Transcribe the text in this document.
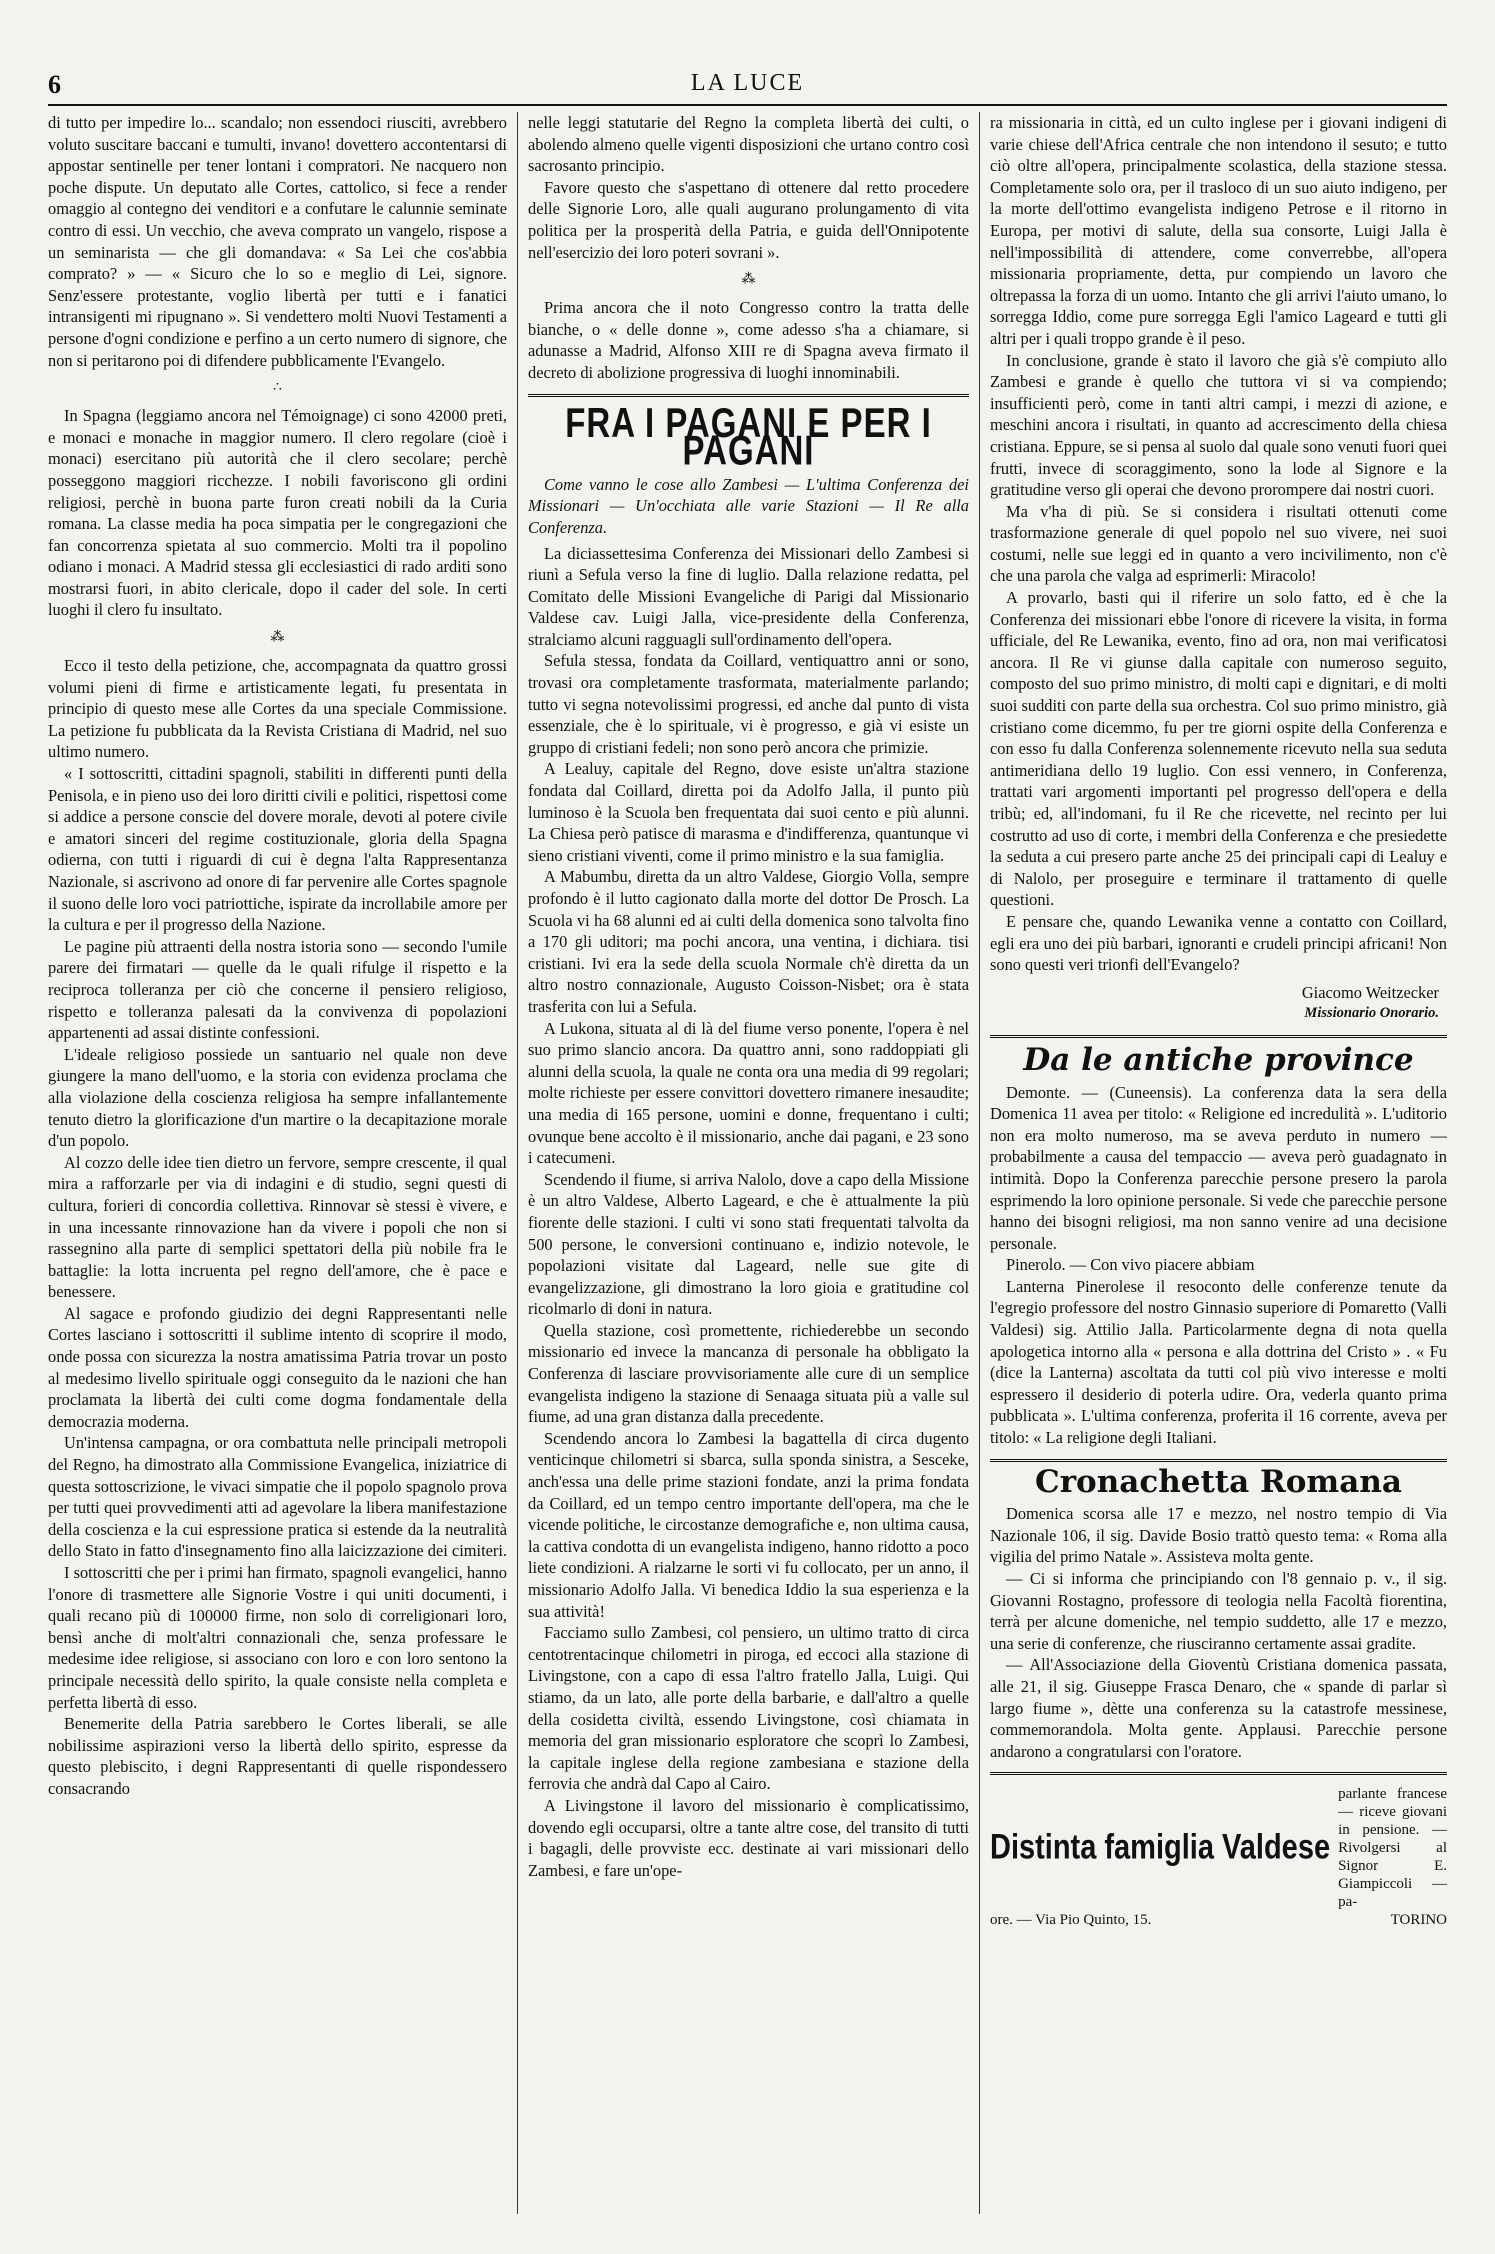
6	LA LUCE

di tutto per impedire lo... scandalo; non essendoci riusciti, avrebbero voluto suscitare baccani e tumulti, invano! dovettero accontentarsi di appostar sentinelle per tener lontani i compratori. Ne nacquero non poche dispute. Un deputato alle Cortes, cattolico, si fece a render omaggio al contegno dei venditori e a confutare le calunnie seminate contro di essi. Un vecchio, che aveva comprato un vangelo, rispose a un seminarista — che gli domandava: « Sa Lei che cos'abbia comprato? » — « Sicuro che lo so e meglio di Lei, signore. Senz'essere protestante, voglio libertà per tutti e i fanatici intransigenti mi ripugnano ». Si vendettero molti Nuovi Testamenti a persone d'ogni condizione e perfino a un certo numero di signore, che non si peritarono poi di difendere pubblicamente l'Evangelo.

∴

In Spagna (leggiamo ancora nel Témoignage) ci sono 42000 preti, e monaci e monache in maggior numero. Il clero regolare (cioè i monaci) esercitano più autorità che il clero secolare; perchè posseggono maggiori ricchezze. I nobili favoriscono gli ordini religiosi, perchè in buona parte furon creati nobili da la Curia romana. La classe media ha poca simpatia per le congregazioni che fan concorrenza spietata al suo commercio. Molti tra il popolino odiano i monaci. A Madrid stessa gli ecclesiastici di rado arditi sono mostrarsi fuori, in abito clericale, dopo il cader del sole. In certi luoghi il clero fu insultato.

⁂

Ecco il testo della petizione, che, accompagnata da quattro grossi volumi pieni di firme e artisticamente legati, fu presentata in principio di questo mese alle Cortes da una speciale Commissione. La petizione fu pubblicata da la Revista Cristiana di Madrid, nel suo ultimo numero.

« I sottoscritti, cittadini spagnoli, stabiliti in differenti punti della Penisola, e in pieno uso dei loro diritti civili e politici, rispettosi come si addice a persone conscie del dovere morale, devoti al potere civile e amatori sinceri del regime costituzionale, gloria della Spagna odierna, con tutti i riguardi di cui è degna l'alta Rappresentanza Nazionale, si ascrivono ad onore di far pervenire alle Cortes spagnole il suono delle loro voci patriottiche, ispirate da incrollabile amore per la cultura e per il progresso della Nazione.

Le pagine più attraenti della nostra istoria sono — secondo l'umile parere dei firmatari — quelle da le quali rifulge il rispetto e la reciproca tolleranza per ciò che concerne il pensiero religioso, rispetto e tolleranza palesati da la convivenza di popolazioni appartenenti ad assai distinte confessioni.

L'ideale religioso possiede un santuario nel quale non deve giungere la mano dell'uomo, e la storia con evidenza proclama che alla violazione della coscienza religiosa ha sempre infallantemente tenuto dietro la glorificazione d'un martire o la decapitazione morale d'un popolo.

Al cozzo delle idee tien dietro un fervore, sempre crescente, il qual mira a rafforzarle per via di indagini e di studio, segni questi di cultura, forieri di concordia collettiva. Rinnovar sè stessi è vivere, e in una incessante rinnovazione han da vivere i popoli che non si rassegnino alla parte di semplici spettatori della più nobile fra le battaglie: la lotta incruenta pel regno dell'amore, che è pace e benessere.

Al sagace e profondo giudizio dei degni Rappresentanti nelle Cortes lasciano i sottoscritti il sublime intento di scoprire il modo, onde possa con sicurezza la nostra amatissima Patria trovar un posto al medesimo livello spirituale oggi conseguito da le nazioni che han proclamata la libertà dei culti come dogma fondamentale della democrazia moderna.

Un'intensa campagna, or ora combattuta nelle principali metropoli del Regno, ha dimostrato alla Commissione Evangelica, iniziatrice di questa sottoscrizione, le vivaci simpatie che il popolo spagnolo prova per tutti quei provvedimenti atti ad agevolare la libera manifestazione della coscienza e la cui espressione pratica si estende da la neutralità dello Stato in fatto d'insegnamento fino alla laicizzazione dei cimiteri.

I sottoscritti che per i primi han firmato, spagnoli evangelici, hanno l'onore di trasmettere alle Signorie Vostre i qui uniti documenti, i quali recano più di 100000 firme, non solo di correligionari loro, bensì anche di molt'altri connazionali che, senza professare le medesime idee religiose, si associano con loro e con loro sentono la principale necessità dello spirito, la quale consiste nella completa e perfetta libertà di esso.

Benemerite della Patria sarebbero le Cortes liberali, se alle nobilissime aspirazioni verso la libertà dello spirito, espresse da questo plebiscito, i degni Rappresentanti di quelle rispondessero consacrando

nelle leggi statutarie del Regno la completa libertà dei culti, o abolendo almeno quelle vigenti disposizioni che urtano contro così sacrosanto principio.

Favore questo che s'aspettano di ottenere dal retto procedere delle Signorie Loro, alle quali augurano prolungamento di vita politica per la prosperità della Patria, e guida dell'Onnipotente nell'esercizio dei loro poteri sovrani ».

⁂

Prima ancora che il noto Congresso contro la tratta delle bianche, o « delle donne », come adesso s'ha a chiamare, si adunasse a Madrid, Alfonso XIII re di Spagna aveva firmato il decreto di abolizione progressiva di luoghi innominabili.

FRA I PAGANI E PER I PAGANI

Come vanno le cose allo Zambesi — L'ultima Conferenza dei Missionari — Un'occhiata alle varie Stazioni — Il Re alla Conferenza.

La diciassettesima Conferenza dei Missionari dello Zambesi si riunì a Sefula verso la fine di luglio. Dalla relazione redatta, pel Comitato delle Missioni Evangeliche di Parigi dal Missionario Valdese cav. Luigi Jalla, vice-presidente della Conferenza, stralciamo alcuni ragguagli sull'ordinamento dell'opera.

Sefula stessa, fondata da Coillard, ventiquattro anni or sono, trovasi ora completamente trasformata, materialmente parlando; tutto vi segna notevolissimi progressi, ed anche dal punto di vista essenziale, che è lo spirituale, vi è progresso, e già vi esiste un gruppo di cristiani fedeli; non sono però ancora che primizie.

A Lealuy, capitale del Regno, dove esiste un'altra stazione fondata dal Coillard, diretta poi da Adolfo Jalla, il punto più luminoso è la Scuola ben frequentata dai suoi cento e più alunni. La Chiesa però patisce di marasma e d'indifferenza, quantunque vi sieno cristiani viventi, come il primo ministro e la sua famiglia.

A Mabumbu, diretta da un altro Valdese, Giorgio Volla, sempre profondo è il lutto cagionato dalla morte del dottor De Prosch. La Scuola vi ha 68 alunni ed ai culti della domenica sono talvolta fino a 170 gli uditori; ma pochi ancora, una ventina, i dichiara. tisi cristiani. Ivi era la sede della scuola Normale ch'è diretta da un altro nostro connazionale, Augusto Coisson-Nisbet; ora è stata trasferita con lui a Sefula.

A Lukona, situata al di là del fiume verso ponente, l'opera è nel suo primo slancio ancora. Da quattro anni, sono raddoppiati gli alunni della scuola, la quale ne conta ora una media di 99 regolari; molte richieste per essere convittori dovettero rimanere inesaudite; una media di 165 persone, uomini e donne, frequentano i culti; ovunque bene accolto è il missionario, anche dai pagani, e 23 sono i catecumeni.

Scendendo il fiume, si arriva Nalolo, dove a capo della Missione è un altro Valdese, Alberto Lageard, e che è attualmente la più fiorente delle stazioni. I culti vi sono stati frequentati talvolta da 500 persone, le conversioni continuano e, indizio notevole, le popolazioni visitate dal Lageard, nelle sue gite di evangelizzazione, gli dimostrano la loro gioia e gratitudine col ricolmarlo di doni in natura.

Quella stazione, così promettente, richiederebbe un secondo missionario ed invece la mancanza di personale ha obbligato la Conferenza di lasciare provvisoriamente alle cure di un semplice evangelista indigeno la stazione di Senaaga situata più a valle sul fiume, ad una gran distanza dalla precedente.

Scendendo ancora lo Zambesi la bagattella di circa dugento venticinque chilometri si sbarca, sulla sponda sinistra, a Sesceke, anch'essa una delle prime stazioni fondate, anzi la prima fondata da Coillard, ed un tempo centro importante dell'opera, ma che le vicende politiche, le circostanze demografiche e, non ultima causa, la cattiva condotta di un evangelista indigeno, hanno ridotto a poco liete condizioni. A rialzarne le sorti vi fu collocato, per un anno, il missionario Adolfo Jalla. Vi benedica Iddio la sua esperienza e la sua attività!

Facciamo sullo Zambesi, col pensiero, un ultimo tratto di circa centotrentacinque chilometri in piroga, ed eccoci alla stazione di Livingstone, con a capo di essa l'altro fratello Jalla, Luigi. Qui stiamo, da un lato, alle porte della barbarie, e dall'altro a quelle della cosidetta civiltà, essendo Livingstone, così chiamata in memoria del gran missionario esploratore che scoprì lo Zambesi, la capitale inglese della regione zambesiana e stazione della ferrovia che andrà dal Capo al Cairo.

A Livingstone il lavoro del missionario è complicatissimo, dovendo egli occuparsi, oltre a tante altre cose, del transito di tutti i bagagli, delle provviste ecc. destinate ai vari missionari dello Zambesi, e fare un'ope-

ra missionaria in città, ed un culto inglese per i giovani indigeni di varie chiese dell'Africa centrale che non intendono il sesuto; e tutto ciò oltre all'opera, principalmente scolastica, della stazione stessa. Completamente solo ora, per il trasloco di un suo aiuto indigeno, per la morte dell'ottimo evangelista indigeno Petrose e il ritorno in Europa, per motivi di salute, della sua consorte, Luigi Jalla è nell'impossibilità di attendere, come converrebbe, all'opera missionaria propriamente, detta, pur compiendo un lavoro che oltrepassa la forza di un uomo. Intanto che gli arrivi l'aiuto umano, lo sorregga Iddio, come pure sorregga Egli l'amico Lageard e tutti gli altri per i quali troppo grande è il peso.

In conclusione, grande è stato il lavoro che già s'è compiuto allo Zambesi e grande è quello che tuttora vi si va compiendo; insufficienti però, come in tanti altri campi, i mezzi di azione, e meschini ancora i risultati, in quanto ad accrescimento della chiesa cristiana. Eppure, se si pensa al suolo dal quale sono venuti fuori quei frutti, invece di scoraggimento, sono la lode al Signore e la gratitudine verso gli operai che devono prorompere dai nostri cuori.

Ma v'ha di più. Se si considera i risultati ottenuti come trasformazione generale di quel popolo nel suo vivere, nei suoi costumi, nelle sue leggi ed in quanto a vero incivilimento, non c'è che una parola che valga ad esprimerli: Miracolo!

A provarlo, basti qui il riferire un solo fatto, ed è che la Conferenza dei missionari ebbe l'onore di ricevere la visita, in forma ufficiale, del Re Lewanika, evento, fino ad ora, non mai verificatosi ancora. Il Re vi giunse dalla capitale con numeroso seguito, composto del suo primo ministro, di molti capi e dignitari, e di molti suoi sudditi con parte della sua orchestra. Col suo primo ministro, già cristiano come dicemmo, fu per tre giorni ospite della Conferenza e con esso fu dalla Conferenza solennemente ricevuto nella sua seduta antimeridiana dello 19 luglio. Con essi vennero, in Conferenza, trattati vari argomenti importanti pel progresso dell'opera e della tribù; ed, all'indomani, fu il Re che ricevette, nel recinto per lui costrutto ad uso di corte, i membri della Conferenza e che presiedette la seduta a cui presero parte anche 25 dei principali capi di Lealuy e di Nalolo, per proseguire e terminare il trattamento di quelle questioni.

E pensare che, quando Lewanika venne a contatto con Coillard, egli era uno dei più barbari, ignoranti e crudeli principi africani! Non sono questi veri trionfi dell'Evangelo?

Giacomo Weitzecker
Missionario Onorario.
Da le antiche province

Demonte. — (Cuneensis). La conferenza data la sera della Domenica 11 avea per titolo: « Religione ed incredulità ». L'uditorio non era molto numeroso, ma se aveva perduto in numero — probabilmente a causa del tempaccio — aveva però guadagnato in intimità. Dopo la Conferenza parecchie persone presero la parola esprimendo la loro opinione personale. Si vede che parecchie persone hanno dei bisogni religiosi, ma non sanno venire ad una decisione personale.

Pinerolo. — Con vivo piacere abbiam

Lanterna Pinerolese il resoconto delle conferenze tenute da l'egregio professore del nostro Ginnasio superiore di Pomaretto (Valli Valdesi) sig. Attilio Jalla. Particolarmente degna di nota quella apologetica intorno alla « persona e alla dottrina del Cristo » . « Fu (dice la Lanterna) ascoltata da tutti col più vivo interesse e molti espressero il desiderio di poterla udire. Ora, vederla quanto prima pubblicata ». L'ultima conferenza, proferita il 16 corrente, aveva per titolo: « La religione degli Italiani.

Cronachetta Romana

Domenica scorsa alle 17 e mezzo, nel nostro tempio di Via Nazionale 106, il sig. Davide Bosio trattò questo tema: « Roma alla vigilia del primo Natale ». Assisteva molta gente.

— Ci si informa che principiando con l'8 gennaio p. v., il sig. Giovanni Rostagno, professore di teologia nella Facoltà fiorentina, terrà per alcune domeniche, nel tempio suddetto, alle 17 e mezzo, una serie di conferenze, che riusciranno certamente assai gradite.

— All'Associazione della Gioventù Cristiana domenica passata, alle 21, il sig. Giuseppe Frasca Denaro, che « spande di parlar sì largo fiume », dètte una conferenza su la catastrofe messinese, commemorandola. Molta gente. Applausi. Parecchie persone andarono a congratularsi con l'oratore.

Distinta famiglia Valdese
parlante francese — riceve giovani in pensione. — Rivolgersi al Signor E. Giampiccoli — pa-
ore. — Via Pio Quinto, 15.	TORINO
